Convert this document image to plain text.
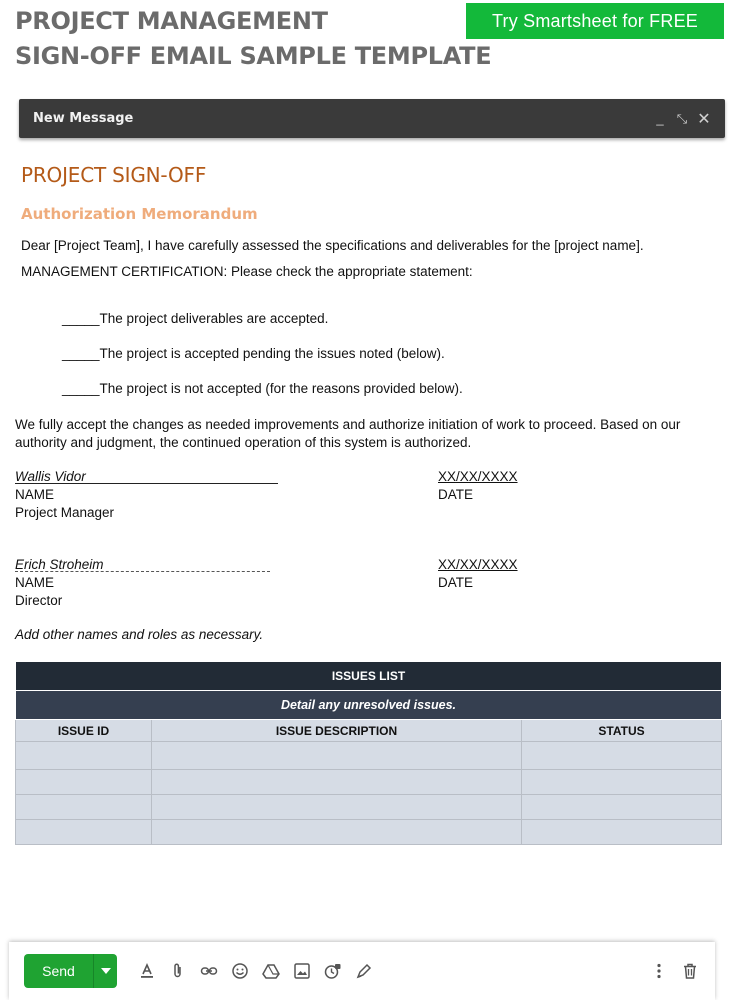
PROJECT MANAGEMENT
SIGN-OFF EMAIL SAMPLE TEMPLATE
Try Smartsheet for FREE
New Message	_	⤡ ✕
PROJECT SIGN-OFF
Authorization Memorandum
Dear [Project Team], I have carefully assessed the specifications and deliverables for the [project name].
MANAGEMENT CERTIFICATION: Please check the appropriate statement:
_____The project deliverables are accepted.
_____The project is accepted pending the issues noted (below).
_____The project is not accepted (for the reasons provided below).
We fully accept the changes as needed improvements and authorize initiation of work to proceed. Based on our authority and judgment, the continued operation of this system is authorized.
Wallis Vidor
NAME
Project Manager
XX/XX/XXXX
DATE
Erich Stroheim
NAME
Director
XX/XX/XXXX
DATE
Add other names and roles as necessary.
ISSUES LIST		
Detail any unresolved issues.		
ISSUE ID	ISSUE DESCRIPTION	STATUS

Send
